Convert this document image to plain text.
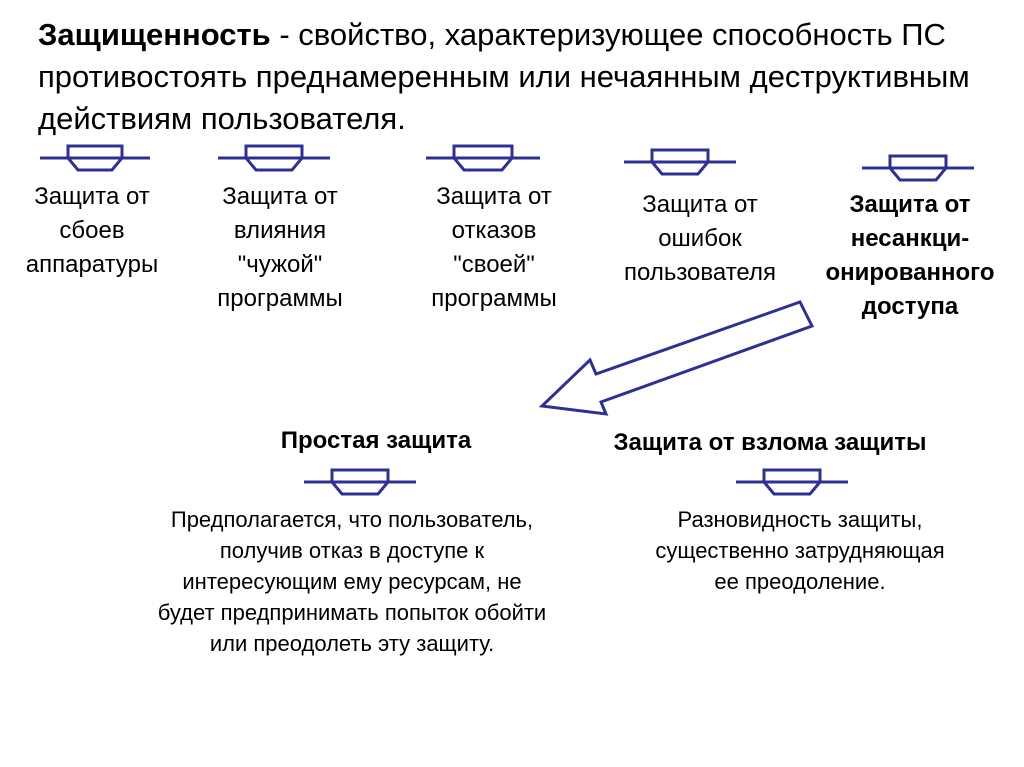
Защищенность - свойство, характеризующее способность ПС противостоять преднамеренным или нечаянным деструктивным действиям пользователя.
Защита от
сбоев
аппаратуры
Защита от
влияния
"чужой"
программы
Защита от
отказов
"своей"
программы
Защита от
ошибок
пользователя
Защита от
несанкци-
онированного
доступа
Простая защита	Защита от взлома защиты
Предполагается, что пользователь,
получив отказ в доступе к
интересующим ему ресурсам, не
будет предпринимать попыток обойти
или преодолеть эту защиту.
Разновидность защиты,
существенно затрудняющая
ее преодоление.
